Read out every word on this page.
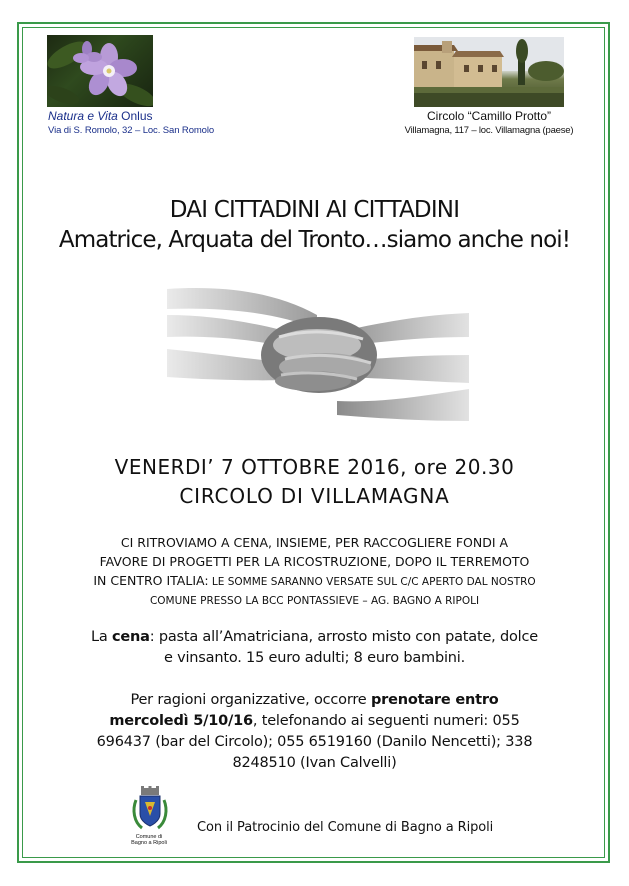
Natura e Vita Onlus
Via di S. Romolo, 32 – Loc. San Romolo
Circolo “Camillo Protto”
Villamagna, 117 – loc. Villamagna (paese)
DAI CITTADINI AI CITTADINI
Amatrice, Arquata del Tronto…siamo anche noi!
VENERDI’ 7 OTTOBRE 2016, ore 20.30
CIRCOLO DI VILLAMAGNA
CI RITROVIAMO A CENA, INSIEME, PER RACCOGLIERE FONDI A
FAVORE DI PROGETTI PER LA RICOSTRUZIONE, DOPO IL TERREMOTO
IN CENTRO ITALIA: LE SOMME SARANNO VERSATE SUL C/C APERTO DAL NOSTRO
COMUNE PRESSO LA BCC PONTASSIEVE – AG. BAGNO A RIPOLI
La cena: pasta all’Amatriciana, arrosto misto con patate, dolce
e vinsanto. 15 euro adulti; 8 euro bambini.
Per ragioni organizzative, occorre prenotare entro
mercoledì 5/10/16, telefonando ai seguenti numeri: 055
696437 (bar del Circolo); 055 6519160 (Danilo Nencetti); 338
8248510 (Ivan Calvelli)
Comune di
Bagno a Ripoli
Con il Patrocinio del Comune di Bagno a Ripoli
